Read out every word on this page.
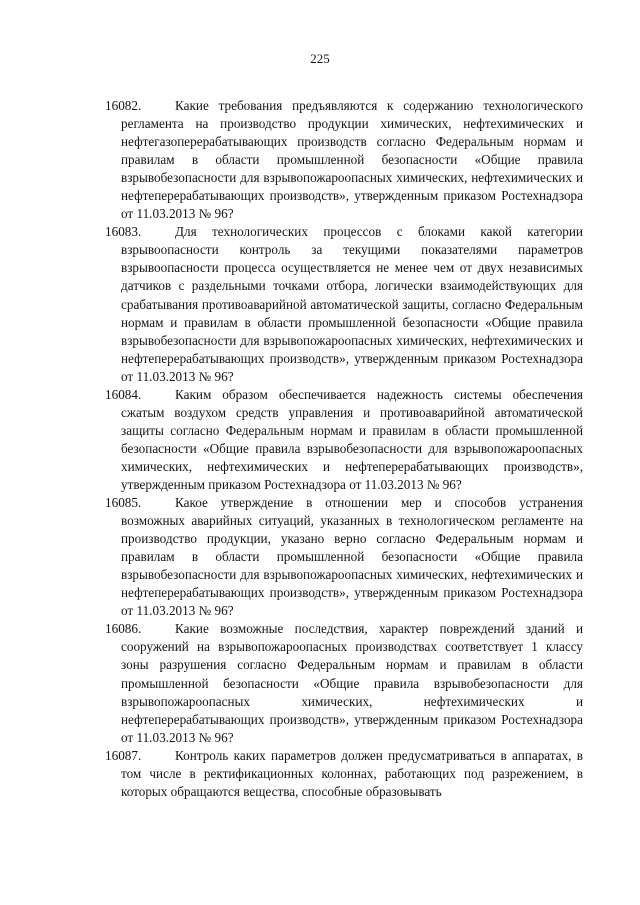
225

16082.	Какие требования предъявляются к содержанию технологического регламента на производство продукции химических, нефтехимических и нефтегазоперерабатывающих производств согласно Федеральным нормам и правилам в области промышленной безопасности «Общие правила взрывобезопасности для взрывопожароопасных химических, нефтехимических и нефтеперерабатывающих производств», утвержденным приказом Ростехнадзора от 11.03.2013 № 96?

16083.	Для технологических процессов с блоками какой категории взрывоопасности контроль за текущими показателями параметров взрывоопасности процесса осуществляется не менее чем от двух независимых датчиков с раздельными точками отбора, логически взаимодействующих для срабатывания противоаварийной автоматической защиты, согласно Федеральным нормам и правилам в области промышленной безопасности «Общие правила взрывобезопасности для взрывопожароопасных химических, нефтехимических и нефтеперерабатывающих производств», утвержденным приказом Ростехнадзора от 11.03.2013 № 96?

16084.	Каким образом обеспечивается надежность системы обеспечения сжатым воздухом средств управления и противоаварийной автоматической защиты согласно Федеральным нормам и правилам в области промышленной безопасности «Общие правила взрывобезопасности для взрывопожароопасных химических, нефтехимических и нефтеперерабатывающих производств», утвержденным приказом Ростехнадзора от 11.03.2013 № 96?

16085.	Какое утверждение в отношении мер и способов устранения возможных аварийных ситуаций, указанных в технологическом регламенте на производство продукции, указано верно согласно Федеральным нормам и правилам в области промышленной безопасности «Общие правила взрывобезопасности для взрывопожароопасных химических, нефтехимических и нефтеперерабатывающих производств», утвержденным приказом Ростехнадзора от 11.03.2013 № 96?

16086.	Какие возможные последствия, характер повреждений зданий и сооружений на взрывопожароопасных производствах соответствует 1 классу зоны разрушения согласно Федеральным нормам и правилам в области промышленной безопасности «Общие правила взрывобезопасности для взрывопожароопасных химических, нефтехимических и нефтеперерабатывающих производств», утвержденным приказом Ростехнадзора от 11.03.2013 № 96?

16087.	Контроль каких параметров должен предусматриваться в аппаратах, в том числе в ректификационных колоннах, работающих под разрежением, в которых обращаются вещества, способные образовывать
